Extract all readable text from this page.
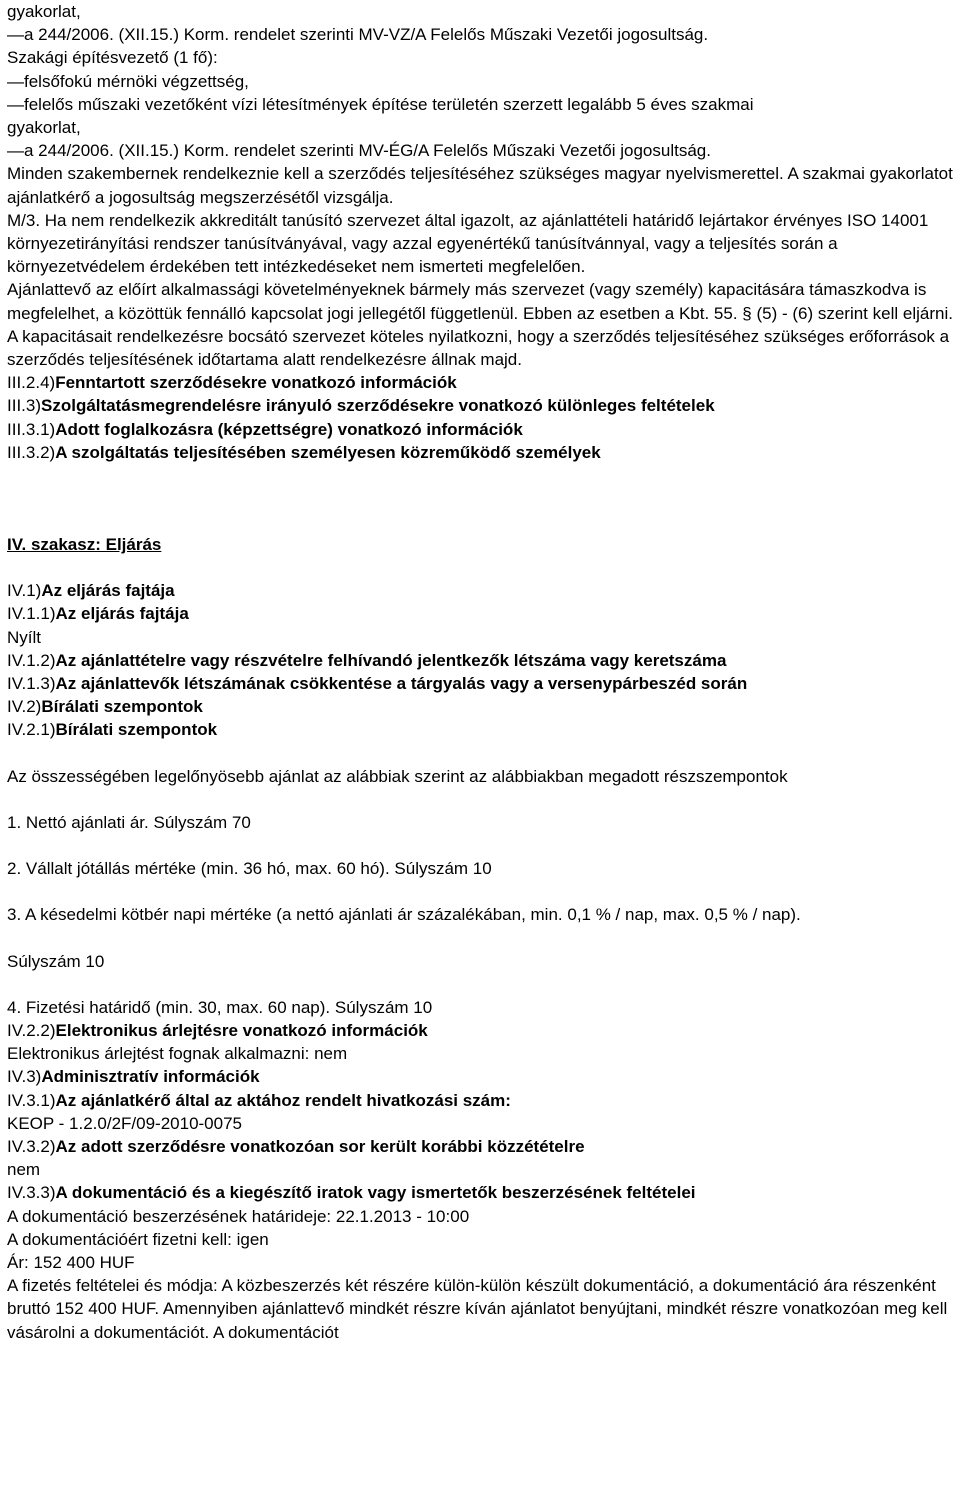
gyakorlat,
— a 244/2006. (XII.15.) Korm. rendelet szerinti MV-VZ/A Felelős Műszaki Vezetői jogosultság.
Szakági építésvezető (1 fő):
— felsőfokú mérnöki végzettség,
— felelős műszaki vezetőként vízi létesítmények építése területén szerzett legalább 5 éves szakmai
gyakorlat,
— a 244/2006. (XII.15.) Korm. rendelet szerinti MV-ÉG/A Felelős Műszaki Vezetői jogosultság.
Minden szakembernek rendelkeznie kell a szerződés teljesítéséhez szükséges magyar nyelvismerettel. A szakmai gyakorlatot ajánlatkérő a jogosultság megszerzésétől vizsgálja.
M/3. Ha nem rendelkezik akkreditált tanúsító szervezet által igazolt, az ajánlattételi határidő lejártakor érvényes ISO 14001 környezetirányítási rendszer tanúsítványával, vagy azzal egyenértékű tanúsítvánnyal, vagy a teljesítés során a környezetvédelem érdekében tett intézkedéseket nem ismerteti megfelelően.
Ajánlattevő az előírt alkalmassági követelményeknek bármely más szervezet (vagy személy) kapacitására támaszkodva is megfelelhet, a közöttük fennálló kapcsolat jogi jellegétől függetlenül. Ebben az esetben a Kbt. 55. § (5) - (6) szerint kell eljárni. A kapacitásait rendelkezésre bocsátó szervezet köteles nyilatkozni, hogy a szerződés teljesítéséhez szükséges erőforrások a szerződés teljesítésének időtartama alatt rendelkezésre állnak majd.
III.2.4)Fenntartott szerződésekre vonatkozó információk
III.3)Szolgáltatásmegrendelésre irányuló szerződésekre vonatkozó különleges feltételek
III.3.1)Adott foglalkozásra (képzettségre) vonatkozó információk
III.3.2)A szolgáltatás teljesítésében személyesen közreműködő személyek
IV. szakasz: Eljárás
IV.1)Az eljárás fajtája
IV.1.1)Az eljárás fajtája
Nyílt
IV.1.2)Az ajánlattételre vagy részvételre felhívandó jelentkezők létszáma vagy keretszáma
IV.1.3)Az ajánlattevők létszámának csökkentése a tárgyalás vagy a versenypárbeszéd során
IV.2)Bírálati szempontok
IV.2.1)Bírálati szempontok
Az összességében legelőnyösebb ajánlat az alábbiak szerint az alábbiakban megadott részszempontok
1. Nettó ajánlati ár. Súlyszám 70
2. Vállalt jótállás mértéke (min. 36 hó, max. 60 hó). Súlyszám 10
3. A késedelmi kötbér napi mértéke (a nettó ajánlati ár százalékában, min. 0,1 % / nap, max. 0,5 % / nap).
Súlyszám 10
4. Fizetési határidő (min. 30, max. 60 nap). Súlyszám 10
IV.2.2)Elektronikus árlejtésre vonatkozó információk
Elektronikus árlejtést fognak alkalmazni: nem
IV.3)Adminisztratív információk
IV.3.1)Az ajánlatkérő által az aktához rendelt hivatkozási szám:
KEOP - 1.2.0/2F/09-2010-0075
IV.3.2)Az adott szerződésre vonatkozóan sor került korábbi közzétételre
nem
IV.3.3)A dokumentáció és a kiegészítő iratok vagy ismertetők beszerzésének feltételei
A dokumentáció beszerzésének határideje: 22.1.2013 - 10:00
A dokumentációért fizetni kell: igen
Ár: 152 400 HUF
A fizetés feltételei és módja: A közbeszerzés két részére külön-külön készült dokumentáció, a dokumentáció ára részenként bruttó 152 400 HUF. Amennyiben ajánlattevő mindkét részre kíván ajánlatot benyújtani, mindkét részre vonatkozóan meg kell vásárolni a dokumentációt. A dokumentációt
